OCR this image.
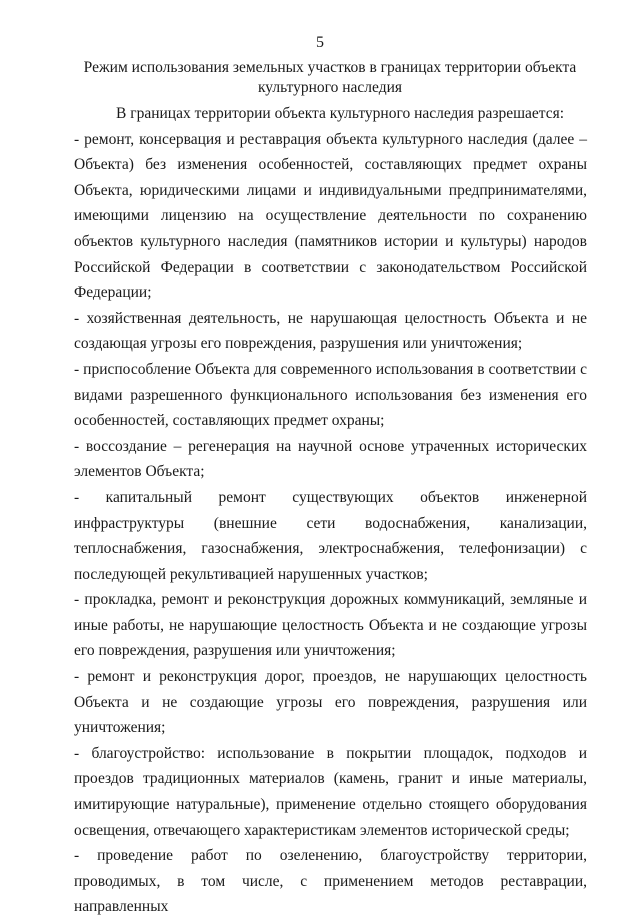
5
Режим использования земельных участков в границах территории объекта культурного наследия

В границах территории объекта культурного наследия разрешается:

- ремонт, консервация и реставрация объекта культурного наследия (далее – Объекта) без изменения особенностей, составляющих предмет охраны Объекта, юридическими лицами и индивидуальными предпринимателями, имеющими лицензию на осуществление деятельности по сохранению объектов культурного наследия (памятников истории и культуры) народов Российской Федерации в соответствии с законодательством Российской Федерации;

- хозяйственная деятельность, не нарушающая целостность Объекта и не создающая угрозы его повреждения, разрушения или уничтожения;

- приспособление Объекта для современного использования в соответствии с видами разрешенного функционального использования без изменения его особенностей, составляющих предмет охраны;

- воссоздание – регенерация на научной основе утраченных исторических элементов Объекта;

- капитальный ремонт существующих объектов инженерной инфраструктуры (внешние сети водоснабжения, канализации, теплоснабжения, газоснабжения, электроснабжения, телефонизации) с последующей рекультивацией нарушенных участков;

- прокладка, ремонт и реконструкция дорожных коммуникаций, земляные и иные работы, не нарушающие целостность Объекта и не создающие угрозы его повреждения, разрушения или уничтожения;

- ремонт и реконструкция дорог, проездов, не нарушающих целостность Объекта и не создающие угрозы его повреждения, разрушения или уничтожения;

- благоустройство: использование в покрытии площадок, подходов и проездов традиционных материалов (камень, гранит и иные материалы, имитирующие натуральные), применение отдельно стоящего оборудования освещения, отвечающего характеристикам элементов исторической среды;

- проведение работ по озеленению, благоустройству территории, проводимых, в том числе, с применением методов реставрации, направленных
